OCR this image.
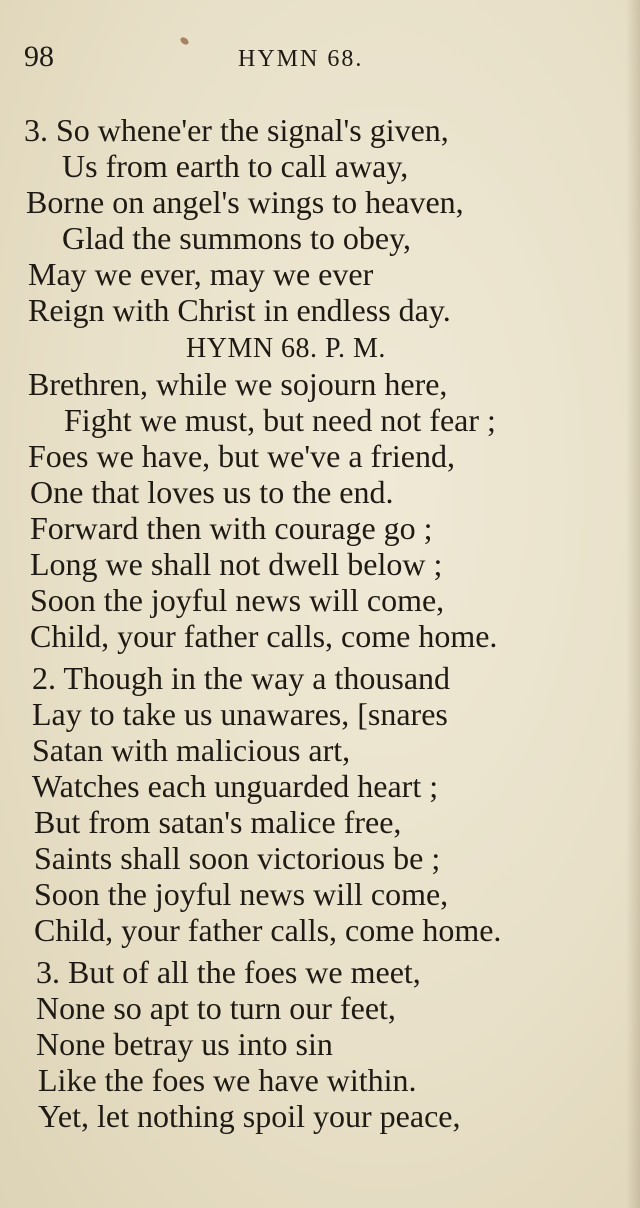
98	HYMN 68.
3. So whene'er the signal's given,
Us from earth to call away,
Borne on angel's wings to heaven,
Glad the summons to obey,
May we ever, may we ever
Reign with Christ in endless day.
HYMN 68. P. M.
Brethren, while we sojourn here,
Fight we must, but need not fear ;
Foes we have, but we've a friend,
One that loves us to the end.
Forward then with courage go ;
Long we shall not dwell below ;
Soon the joyful news will come,
Child, your father calls, come home.
2. Though in the way a thousand
Lay to take us unawares, [snares
Satan with malicious art,
Watches each unguarded heart ;
But from satan's malice free,
Saints shall soon victorious be ;
Soon the joyful news will come,
Child, your father calls, come home.
3. But of all the foes we meet,
None so apt to turn our feet,
None betray us into sin
Like the foes we have within.
Yet, let nothing spoil your peace,
